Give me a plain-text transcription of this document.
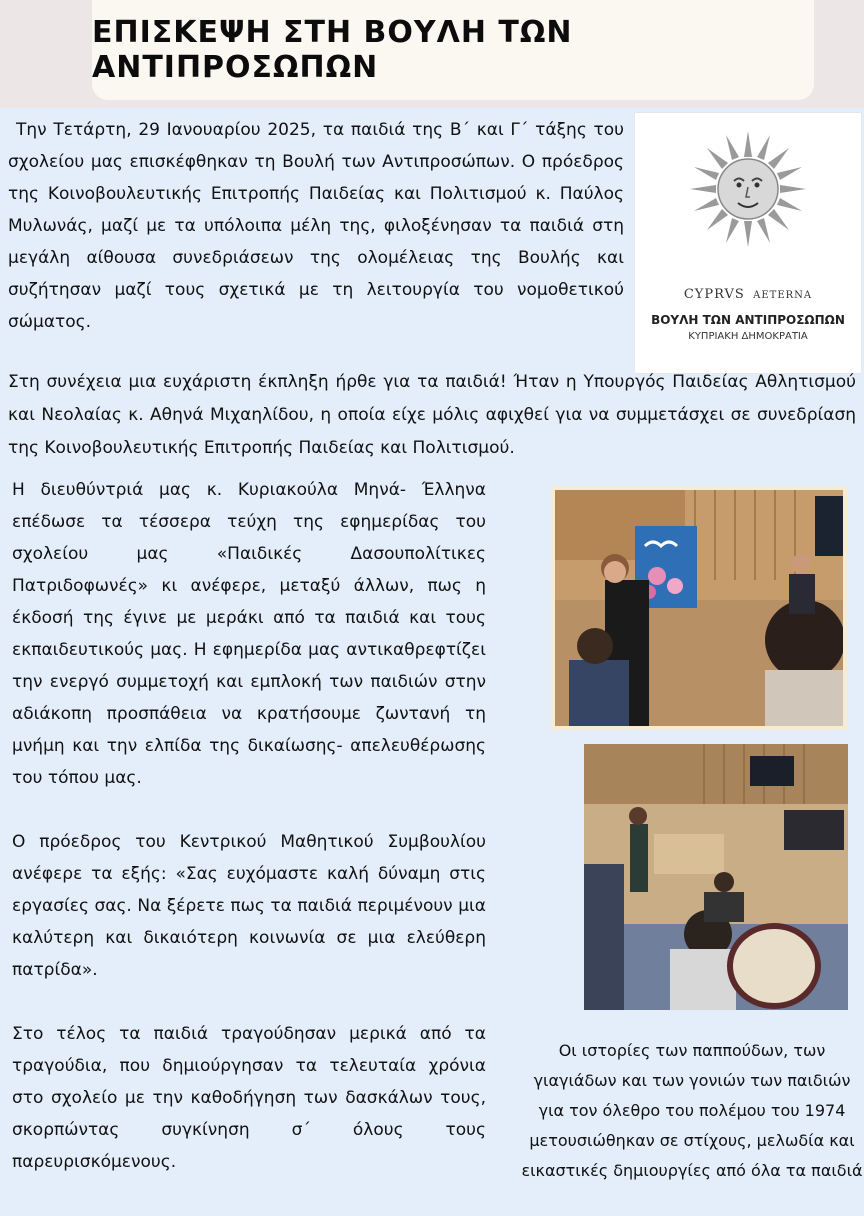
ΕΠΙΣΚΕΨΗ ΣΤΗ ΒΟΥΛΗ ΤΩΝ ΑΝΤΙΠΡΟΣΩΠΩΝ
CYPRVS AETERNA
ΒΟΥΛΗ ΤΩΝ ΑΝΤΙΠΡΟΣΩΠΩΝ
ΚΥΠΡΙΑΚΗ ΔΗΜΟΚΡΑΤΙΑ

Την Τετάρτη, 29 Ιανουαρίου 2025, τα παιδιά της Β΄ και Γ΄ τάξης του σχολείου μας επισκέφθηκαν τη Βουλή των Αντιπροσώπων. Ο πρόεδρος της Κοινοβουλευτικής Επιτροπής Παιδείας και Πολιτισμού κ. Παύλος Μυλωνάς, μαζί με τα υπόλοιπα μέλη της, φιλοξένησαν τα παιδιά στη μεγάλη αίθουσα συνεδριάσεων της ολομέλειας της Βουλής και συζήτησαν μαζί τους σχετικά με τη λειτουργία του νομοθετικού σώματος.

Στη συνέχεια μια ευχάριστη έκπληξη ήρθε για τα παιδιά! Ήταν η Υπουργός Παιδείας Αθλητισμού και Νεολαίας κ. Αθηνά Μιχαηλίδου, η οποία είχε μόλις αφιχθεί για να συμμετάσχει σε συνεδρίαση της Κοινοβουλευτικής Επιτροπής Παιδείας και Πολιτισμού.

Η διευθύντριά μας κ. Κυριακούλα Μηνά- Έλληνα επέδωσε τα τέσσερα τεύχη της εφημερίδας του σχολείου μας «Παιδικές Δασουπολίτικες Πατριδοφωνές» κι ανέφερε, μεταξύ άλλων, πως η έκδοσή της έγινε με μεράκι από τα παιδιά και τους εκπαιδευτικούς μας. Η εφημερίδα μας αντικαθρεφτίζει την ενεργό συμμετοχή και εμπλοκή των παιδιών στην αδιάκοπη προσπάθεια να κρατήσουμε ζωντανή τη μνήμη και την ελπίδα της δικαίωσης- απελευθέρωσης του τόπου μας.

Ο πρόεδρος του Κεντρικού Μαθητικού Συμβουλίου ανέφερε τα εξής: «Σας ευχόμαστε καλή δύναμη στις εργασίες σας. Να ξέρετε πως τα παιδιά περιμένουν μια καλύτερη και δικαιότερη κοινωνία σε μια ελεύθερη πατρίδα».

Στο τέλος τα παιδιά τραγούδησαν μερικά από τα τραγούδια, που δημιούργησαν τα τελευταία χρόνια στο σχολείο με την καθοδήγηση των δασκάλων τους, σκορπώντας συγκίνηση σ΄ όλους τους παρευρισκόμενους.

Οι ιστορίες των παππούδων, των γιαγιάδων και των γονιών των παιδιών για τον όλεθρο του πολέμου του 1974 μετουσιώθηκαν σε στίχους, μελωδία και εικαστικές δημιουργίες από όλα τα παιδιά
